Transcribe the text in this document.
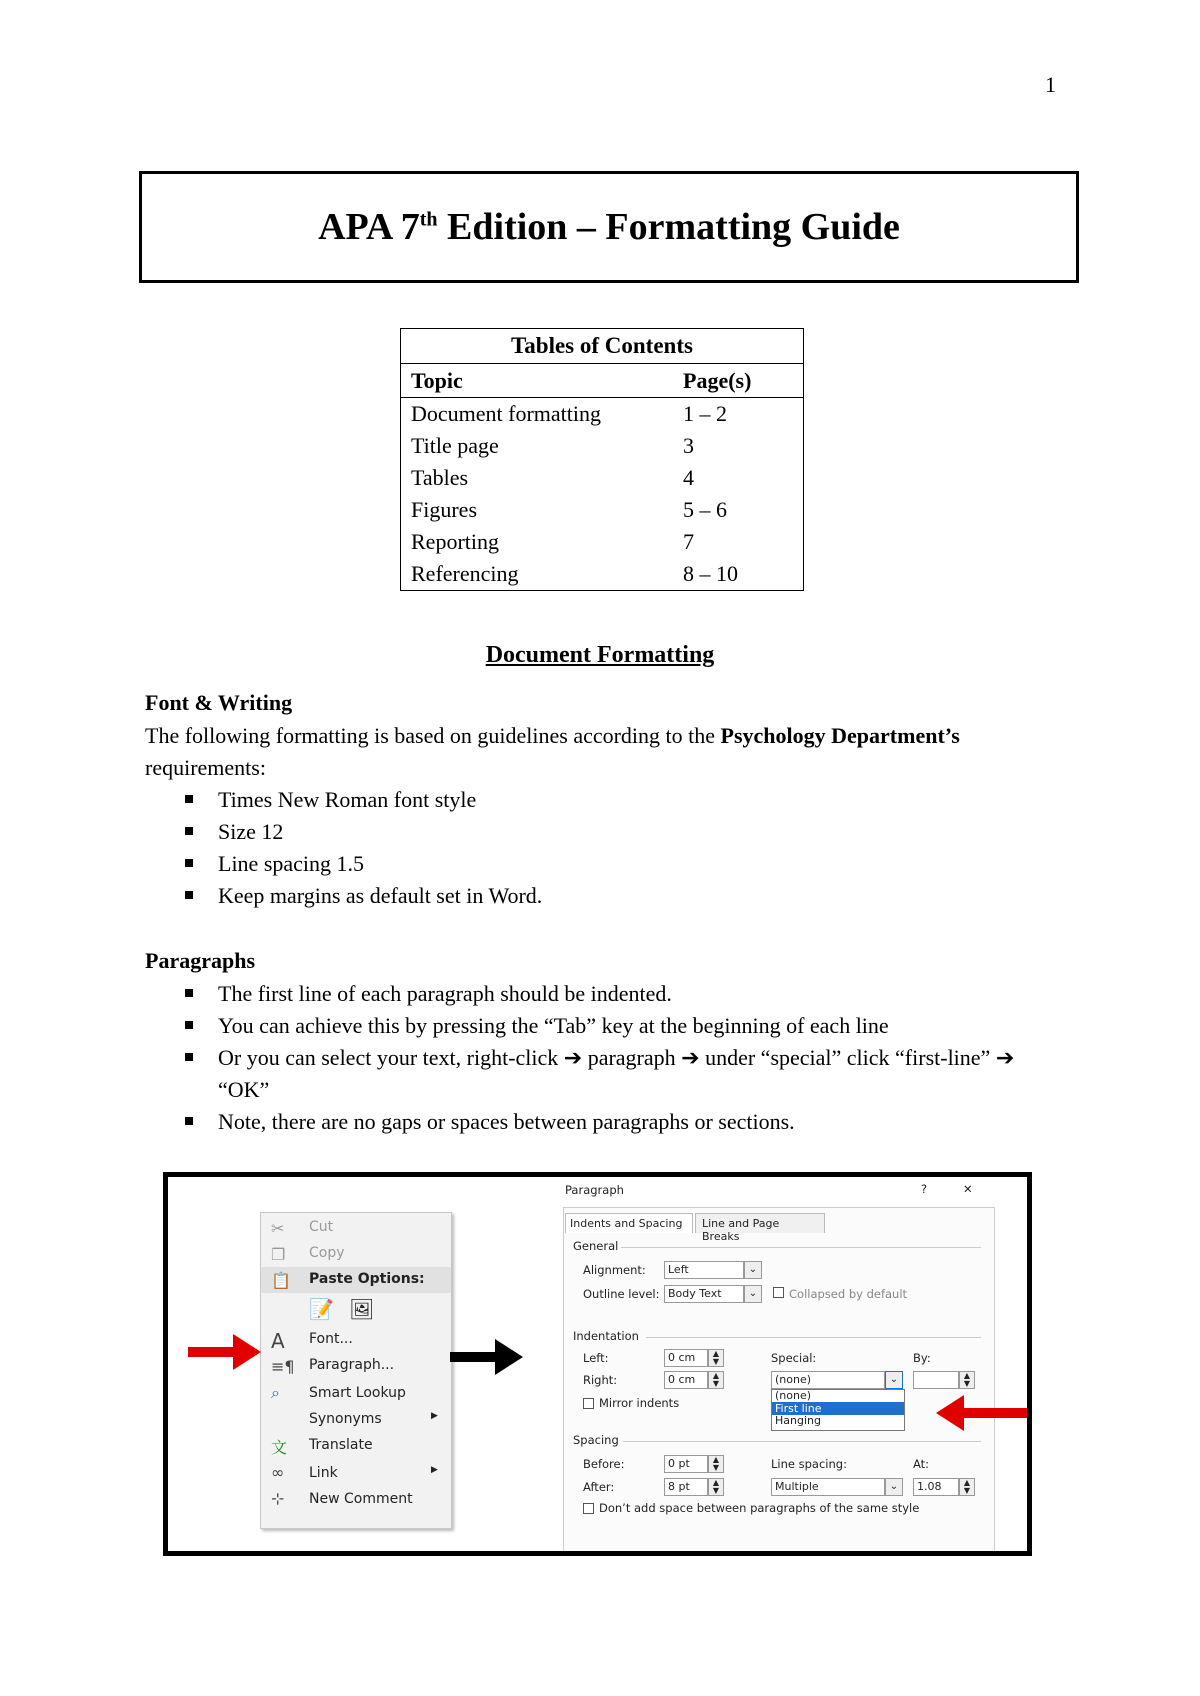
1
APA 7th Edition – Formatting Guide
Tables of Contents	
Topic	Page(s)
Document formatting	1 – 2
Title page	3
Tables	4
Figures	5 – 6
Reporting	7
Referencing	8 – 10
Document Formatting
Font & Writing
The following formatting is based on guidelines according to the Psychology Department’s requirements:
Times New Roman font style
Size 12
Line spacing 1.5
Keep margins as default set in Word.
Paragraphs
The first line of each paragraph should be indented.
You can achieve this by pressing the “Tab” key at the beginning of each line
Or you can select your text, right-click ➔ paragraph ➔ under “special” click “first-line” ➔ “OK”
Note, there are no gaps or spaces between paragraphs or sections.
✂ Cut
❐ Copy
📋 Paste Options:
📝 🖼
A Font...
≡¶ Paragraph...
⌕ Smart Lookup
Synonyms	▶
文 Translate
∞ Link	▶
⊹ New Comment
Paragraph	?	✕
Indents and Spacing	Line and Page Breaks
General
Alignment:	Left	⌄
Outline level: Body Text	⌄	Collapsed by default
Indentation
Left:	0 cm	▲
▼
Right:	0 cm	▲
▼
Special:
(none)	⌄
(none)
First line
Hanging
By:
▲
▼
Mirror indents
Spacing
Before:	0 pt	▲
▼
After:	8 pt	▲
▼
Line spacing:
Multiple	⌄
At:
1.08	▲
▼
Don’t add space between paragraphs of the same style
